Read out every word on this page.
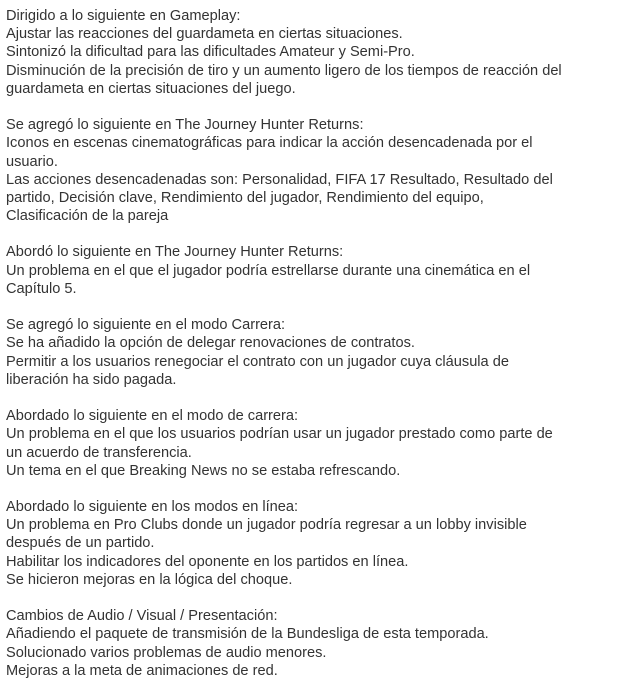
Dirigido a lo siguiente en Gameplay:
Ajustar las reacciones del guardameta en ciertas situaciones.
Sintonizó la dificultad para las dificultades Amateur y Semi-Pro.
Disminución de la precisión de tiro y un aumento ligero de los tiempos de reacción del
guardameta en ciertas situaciones del juego.
Se agregó lo siguiente en The Journey Hunter Returns:
Iconos en escenas cinematográficas para indicar la acción desencadenada por el
usuario.
Las acciones desencadenadas son: Personalidad, FIFA 17 Resultado, Resultado del
partido, Decisión clave, Rendimiento del jugador, Rendimiento del equipo,
Clasificación de la pareja
Abordó lo siguiente en The Journey Hunter Returns:
Un problema en el que el jugador podría estrellarse durante una cinemática en el
Capítulo 5.
Se agregó lo siguiente en el modo Carrera:
Se ha añadido la opción de delegar renovaciones de contratos.
Permitir a los usuarios renegociar el contrato con un jugador cuya cláusula de
liberación ha sido pagada.
Abordado lo siguiente en el modo de carrera:
Un problema en el que los usuarios podrían usar un jugador prestado como parte de
un acuerdo de transferencia.
Un tema en el que Breaking News no se estaba refrescando.
Abordado lo siguiente en los modos en línea:
Un problema en Pro Clubs donde un jugador podría regresar a un lobby invisible
después de un partido.
Habilitar los indicadores del oponente en los partidos en línea.
Se hicieron mejoras en la lógica del choque.
Cambios de Audio / Visual / Presentación:
Añadiendo el paquete de transmisión de la Bundesliga de esta temporada.
Solucionado varios problemas de audio menores.
Mejoras a la meta de animaciones de red.
